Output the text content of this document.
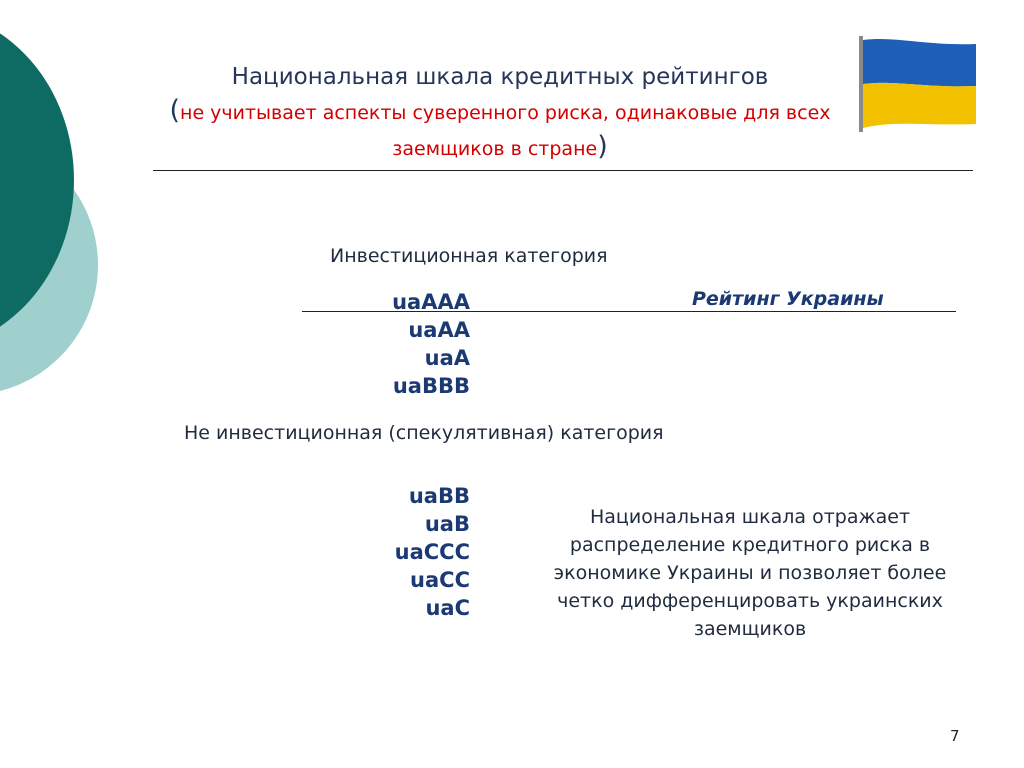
Национальная шкала кредитных рейтингов
(не учитывает аспекты суверенного риска, одинаковые для всех заемщиков в стране)
Инвестиционная категория
uaAAA
uaAA
uaA
uaBBB
Рейтинг Украины
Не инвестиционная (спекулятивная) категория
uaBB
uaB
uaCCC
uaCC
uaC
Национальная шкала отражает распределение кредитного риска в экономике Украины и позволяет более четко дифференцировать украинских заемщиков
7
